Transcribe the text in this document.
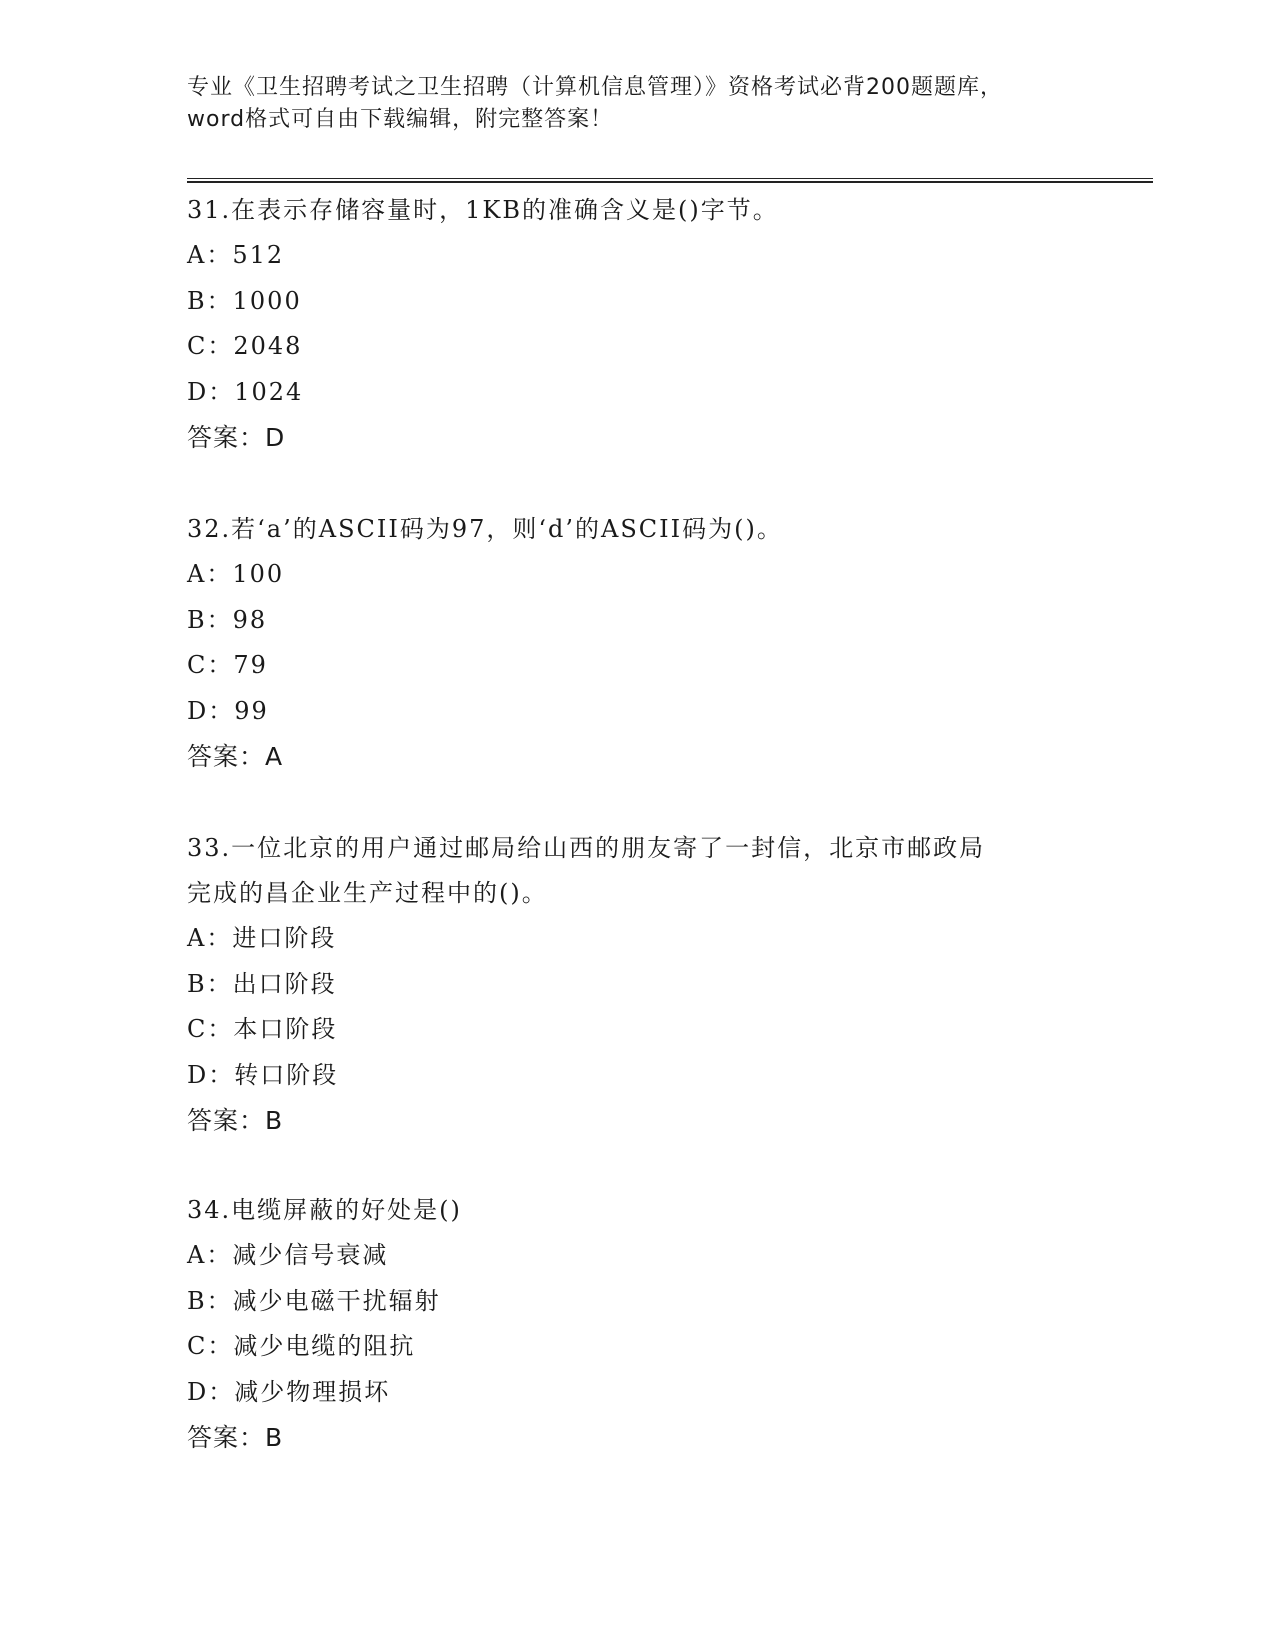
专业《卫生招聘考试之卫生招聘（计算机信息管理）》资格考试必背200题题库，
word格式可自由下载编辑，附完整答案！
31.在表示存储容量时，1KB的准确含义是()字节。
A：512
B：1000
C：2048
D：1024
答案：D
32.若‘a’的ASCII码为97，则‘d’的ASCII码为()。
A：100
B：98
C：79
D：99
答案：A
33.一位北京的用户通过邮局给山西的朋友寄了一封信，北京市邮政局
完成的昌企业生产过程中的()。
A：进口阶段
B：出口阶段
C：本口阶段
D：转口阶段
答案：B
34.电缆屏蔽的好处是()
A：减少信号衰减
B：减少电磁干扰辐射
C：减少电缆的阻抗
D：减少物理损坏
答案：B
